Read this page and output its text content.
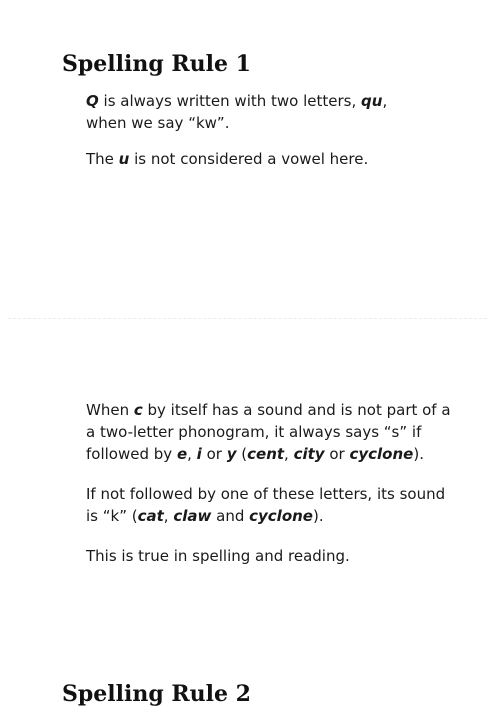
Spelling Rule 1

Q is always written with two letters, qu,
when we say “kw”.

The u is not considered a vowel here.

Spelling Rule 2

When c by itself has a sound and is not part of a
a two-letter phonogram, it always says “s” if
followed by e, i or y (cent, city or cyclone).

If not followed by one of these letters, its sound
is “k” (cat, claw and cyclone).

This is true in spelling and reading.
